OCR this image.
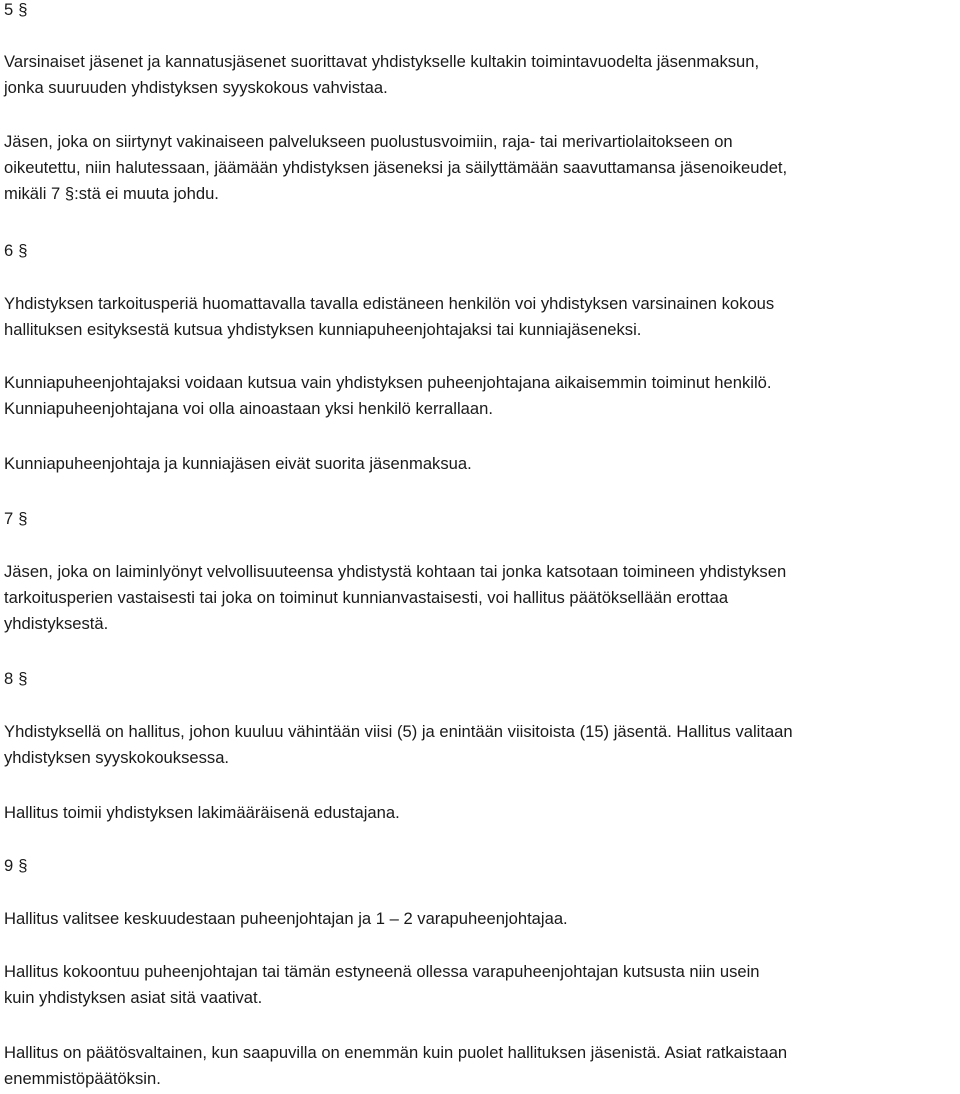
5 §
Varsinaiset jäsenet ja kannatusjäsenet suorittavat yhdistykselle kultakin toimintavuodelta jäsenmaksun,
jonka suuruuden yhdistyksen syyskokous vahvistaa.
Jäsen, joka on siirtynyt vakinaiseen palvelukseen puolustusvoimiin, raja- tai merivartiolaitokseen on
oikeutettu, niin halutessaan, jäämään yhdistyksen jäseneksi ja säilyttämään saavuttamansa jäsenoikeudet,
mikäli 7 §:stä ei muuta johdu.
6 §
Yhdistyksen tarkoitusperiä huomattavalla tavalla edistäneen henkilön voi yhdistyksen varsinainen kokous
hallituksen esityksestä kutsua yhdistyksen kunniapuheenjohtajaksi tai kunniajäseneksi.
Kunniapuheenjohtajaksi voidaan kutsua vain yhdistyksen puheenjohtajana aikaisemmin toiminut henkilö.
Kunniapuheenjohtajana voi olla ainoastaan yksi henkilö kerrallaan.
Kunniapuheenjohtaja ja kunniajäsen eivät suorita jäsenmaksua.
7 §
Jäsen, joka on laiminlyönyt velvollisuuteensa yhdistystä kohtaan tai jonka katsotaan toimineen yhdistyksen
tarkoitusperien vastaisesti tai joka on toiminut kunnianvastaisesti, voi hallitus päätöksellään erottaa
yhdistyksestä.
8 §
Yhdistyksellä on hallitus, johon kuuluu vähintään viisi (5) ja enintään viisitoista (15) jäsentä. Hallitus valitaan
yhdistyksen syyskokouksessa.
Hallitus toimii yhdistyksen lakimääräisenä edustajana.
9 §
Hallitus valitsee keskuudestaan puheenjohtajan ja 1 – 2 varapuheenjohtajaa.
Hallitus kokoontuu puheenjohtajan tai tämän estyneenä ollessa varapuheenjohtajan kutsusta niin usein
kuin yhdistyksen asiat sitä vaativat.
Hallitus on päätösvaltainen, kun saapuvilla on enemmän kuin puolet hallituksen jäsenistä. Asiat ratkaistaan
enemmistöpäätöksin.
